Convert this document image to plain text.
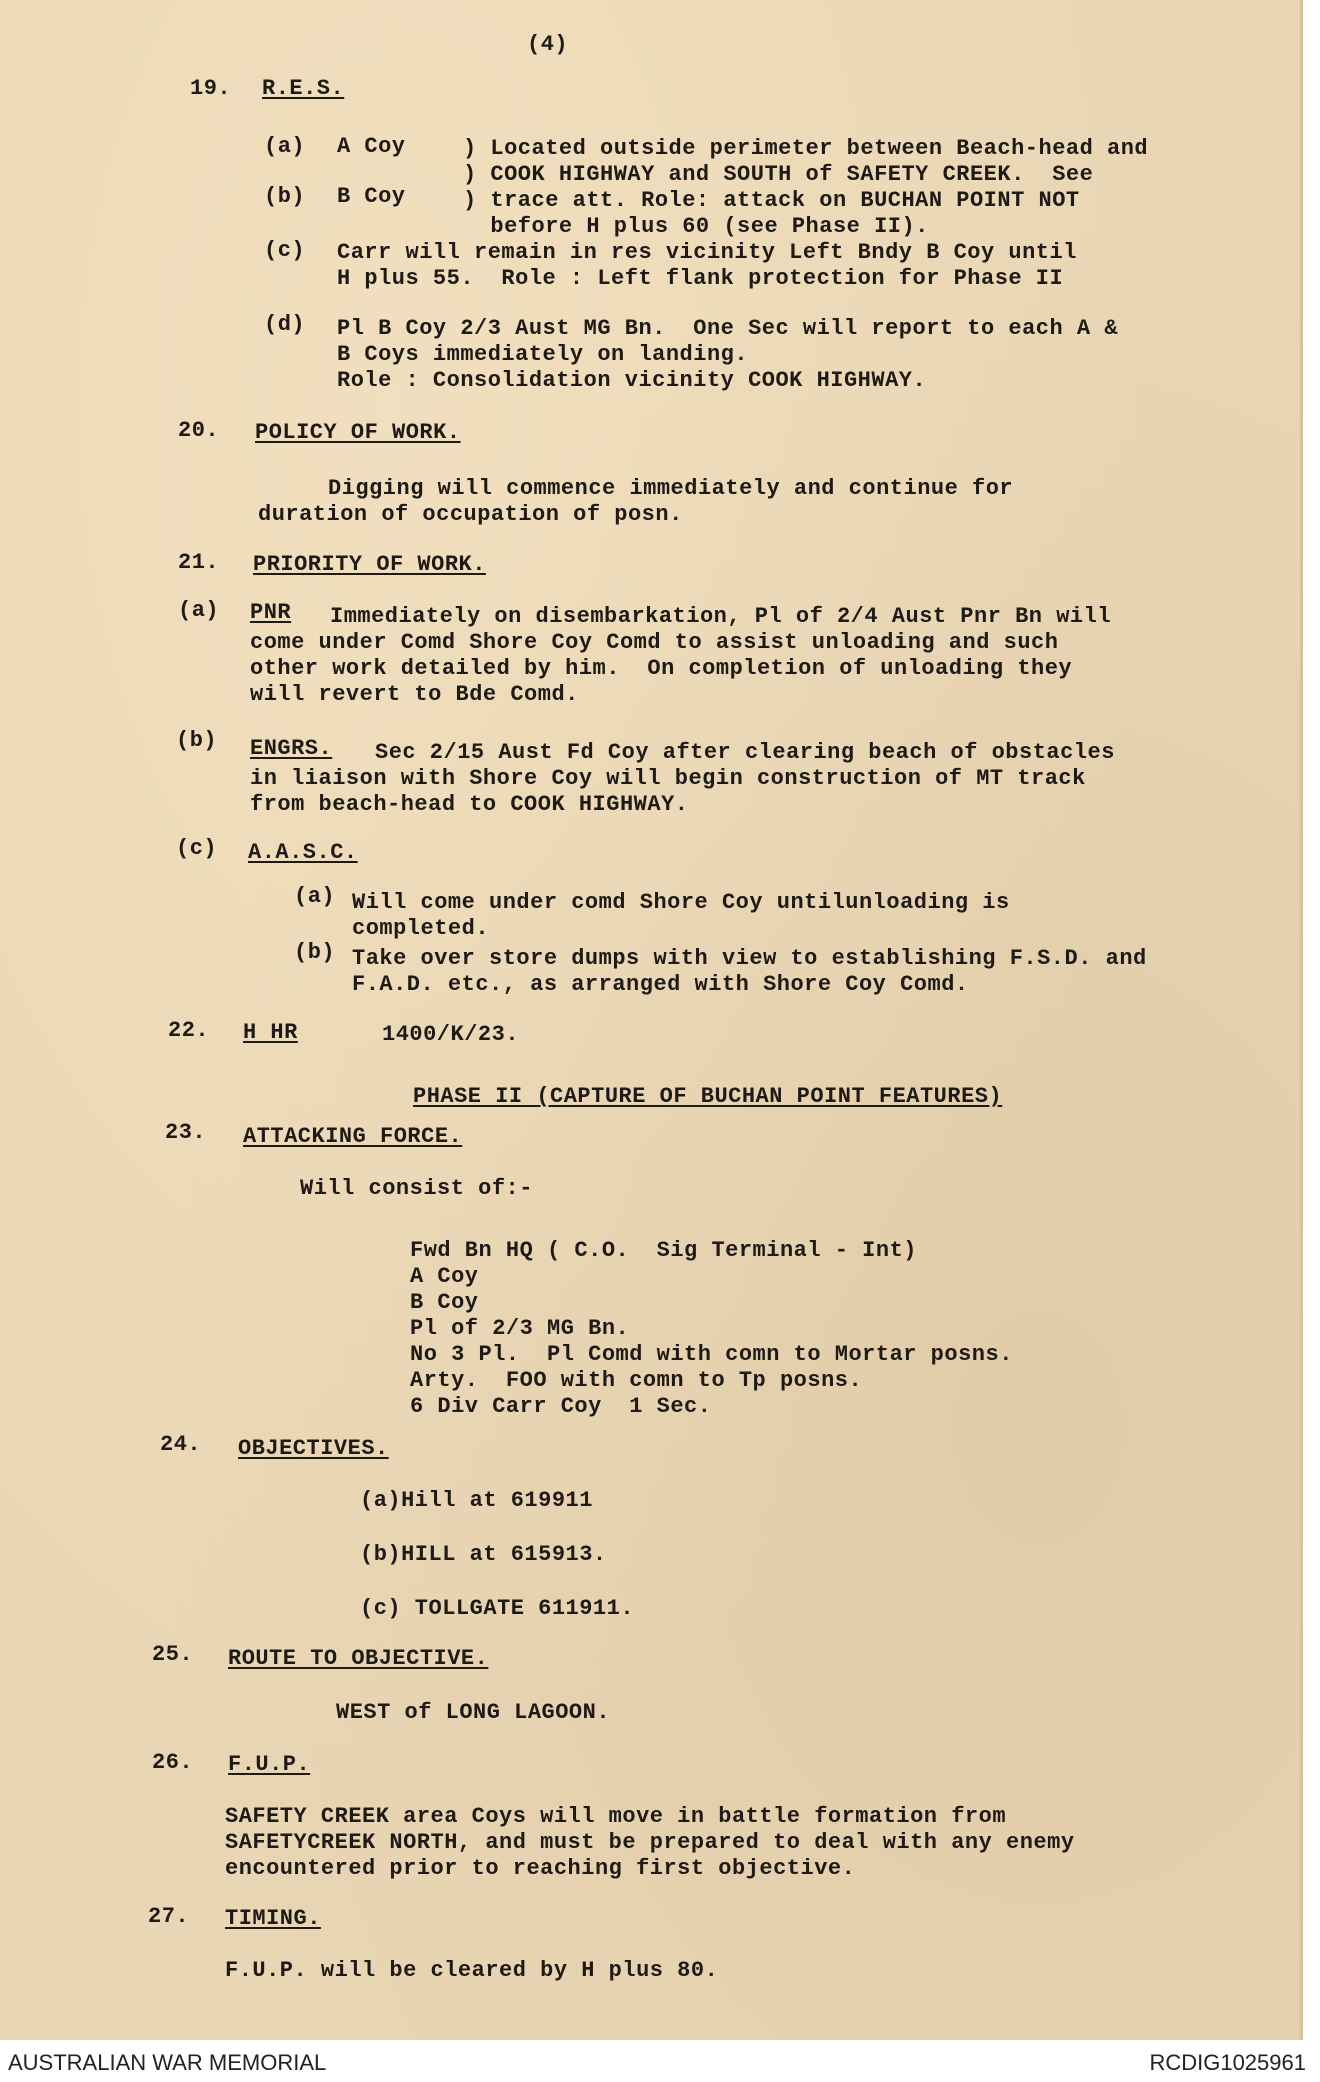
(4)
19. R.E.S.
(a) A Coy
(b) B Coy
) Located outside perimeter between Beach-head and
) COOK HIGHWAY and SOUTH of SAFETY CREEK.  See
) trace att. Role: attack on BUCHAN POINT NOT
before H plus 60 (see Phase II).
(c) Carr will remain in res vicinity Left Bndy B Coy until
H plus 55.  Role : Left flank protection for Phase II
(d) Pl B Coy 2/3 Aust MG Bn.  One Sec will report to each A &
B Coys immediately on landing.
Role : Consolidation vicinity COOK HIGHWAY.
20. POLICY OF WORK.
Digging will commence immediately and continue for
duration of occupation of posn.
21. PRIORITY OF WORK.
(a) PNR Immediately on disembarkation, Pl of 2/4 Aust Pnr Bn will
come under Comd Shore Coy Comd to assist unloading and such
other work detailed by him.  On completion of unloading they
will revert to Bde Comd.
(b) ENGRS. Sec 2/15 Aust Fd Coy after clearing beach of obstacles
in liaison with Shore Coy will begin construction of MT track
from beach-head to COOK HIGHWAY.
(c) A.A.S.C.
(a) Will come under comd Shore Coy untilunloading is
completed.
(b) Take over store dumps with view to establishing F.S.D. and
F.A.D. etc., as arranged with Shore Coy Comd.
22. H HR	1400/K/23.
PHASE II (CAPTURE OF BUCHAN POINT FEATURES)
23. ATTACKING FORCE.
Will consist of:-
Fwd Bn HQ ( C.O.  Sig Terminal - Int)
A Coy
B Coy
Pl of 2/3 MG Bn.
No 3 Pl.  Pl Comd with comn to Mortar posns.
Arty.  FOO with comn to Tp posns.
6 Div Carr Coy  1 Sec.
24. OBJECTIVES.
(a)Hill at 619911
(b)HILL at 615913.
(c) TOLLGATE 611911.
25. ROUTE TO OBJECTIVE.
WEST of LONG LAGOON.
26. F.U.P.
SAFETY CREEK area Coys will move in battle formation from
SAFETYCREEK NORTH, and must be prepared to deal with any enemy
encountered prior to reaching first objective.
27. TIMING.
F.U.P. will be cleared by H plus 80.
AUSTRALIAN WAR MEMORIAL	RCDIG1025961
